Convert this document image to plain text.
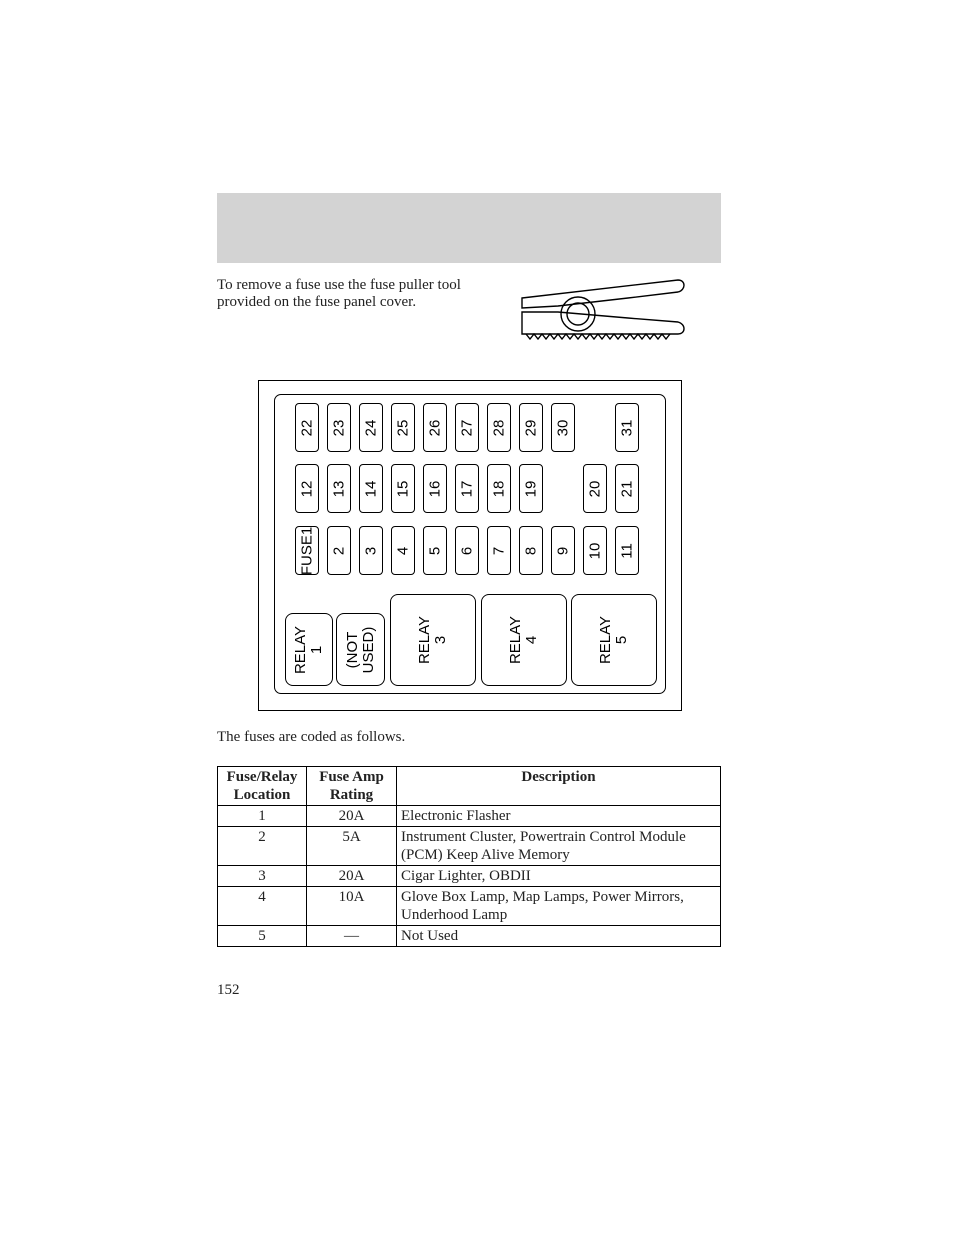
To remove a fuse use the fuse puller tool provided on the fuse panel cover.
FUSE1 2 3 4 5 6 7 8 9 10 11
12 13 14 15 16 17 18 19	20 21
22 23 24 25 26 27 28 29 30	31
RELAY
1 (NOT
USED)	RELAY
3	RELAY
4	RELAY
5
The fuses are coded as follows.
Fuse/Relay Location	Fuse Amp Rating	Description
1	20A	Electronic Flasher
2	5A	Instrument Cluster, Powertrain Control Module (PCM) Keep Alive Memory
3	20A	Cigar Lighter, OBDII
4	10A	Glove Box Lamp, Map Lamps, Power Mirrors, Underhood Lamp
5	—	Not Used
152
